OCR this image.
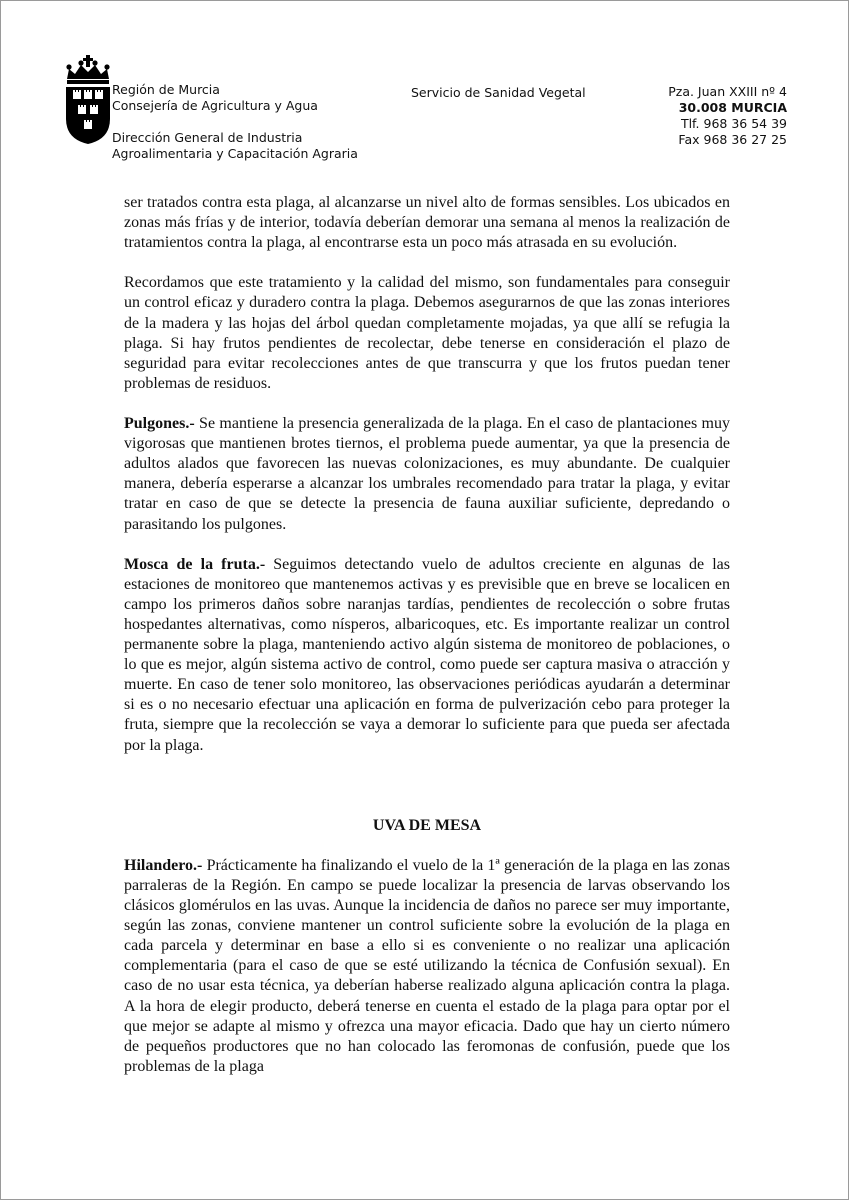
Región de Murcia
Consejería de Agricultura y Agua
Dirección General de Industria
Agroalimentaria y Capacitación Agraria
Servicio de Sanidad Vegetal	Pza. Juan XXIII nº 4
30.008 MURCIA
Tlf. 968 36 54 39
Fax 968 36 27 25

ser tratados contra esta plaga, al alcanzarse un nivel alto de formas sensibles. Los ubicados en zonas más frías y de interior, todavía deberían demorar una semana al menos la realización de tratamientos contra la plaga, al encontrarse esta un poco más atrasada en su evolución.

Recordamos que este tratamiento y la calidad del mismo, son fundamentales para conseguir un control eficaz y duradero contra la plaga. Debemos asegurarnos de que las zonas interiores de la madera y las hojas del árbol quedan completamente mojadas, ya que allí se refugia la plaga. Si hay frutos pendientes de recolectar, debe tenerse en consideración el plazo de seguridad para evitar recolecciones antes de que transcurra y que los frutos puedan tener problemas de residuos.

Pulgones.- Se mantiene la presencia generalizada de la plaga. En el caso de plantaciones muy vigorosas que mantienen brotes tiernos, el problema puede aumentar, ya que la presencia de adultos alados que favorecen las nuevas colonizaciones, es muy abundante. De cualquier manera, debería esperarse a alcanzar los umbrales recomendado para tratar la plaga, y evitar tratar en caso de que se detecte la presencia de fauna auxiliar suficiente, depredando o parasitando los pulgones.

Mosca de la fruta.- Seguimos detectando vuelo de adultos creciente en algunas de las estaciones de monitoreo que mantenemos activas y es previsible que en breve se localicen en campo los primeros daños sobre naranjas tardías, pendientes de recolección o sobre frutas hospedantes alternativas, como nísperos, albaricoques, etc. Es importante realizar un control permanente sobre la plaga, manteniendo activo algún sistema de monitoreo de poblaciones, o lo que es mejor, algún sistema activo de control, como puede ser captura masiva o atracción y muerte. En caso de tener solo monitoreo, las observaciones periódicas ayudarán a determinar si es o no necesario efectuar una aplicación en forma de pulverización cebo para proteger la fruta, siempre que la recolección se vaya a demorar lo suficiente para que pueda ser afectada por la plaga.

UVA DE MESA

Hilandero.- Prácticamente ha finalizando el vuelo de la 1ª generación de la plaga en las zonas parraleras de la Región. En campo se puede localizar la presencia de larvas observando los clásicos glomérulos en las uvas. Aunque la incidencia de daños no parece ser muy importante, según las zonas, conviene mantener un control suficiente sobre la evolución de la plaga en cada parcela y determinar en base a ello si es conveniente o no realizar una aplicación complementaria (para el caso de que se esté utilizando la técnica de Confusión sexual). En caso de no usar esta técnica, ya deberían haberse realizado alguna aplicación contra la plaga. A la hora de elegir producto, deberá tenerse en cuenta el estado de la plaga para optar por el que mejor se adapte al mismo y ofrezca una mayor eficacia. Dado que hay un cierto número de pequeños productores que no han colocado las feromonas de confusión, puede que los problemas de la plaga
